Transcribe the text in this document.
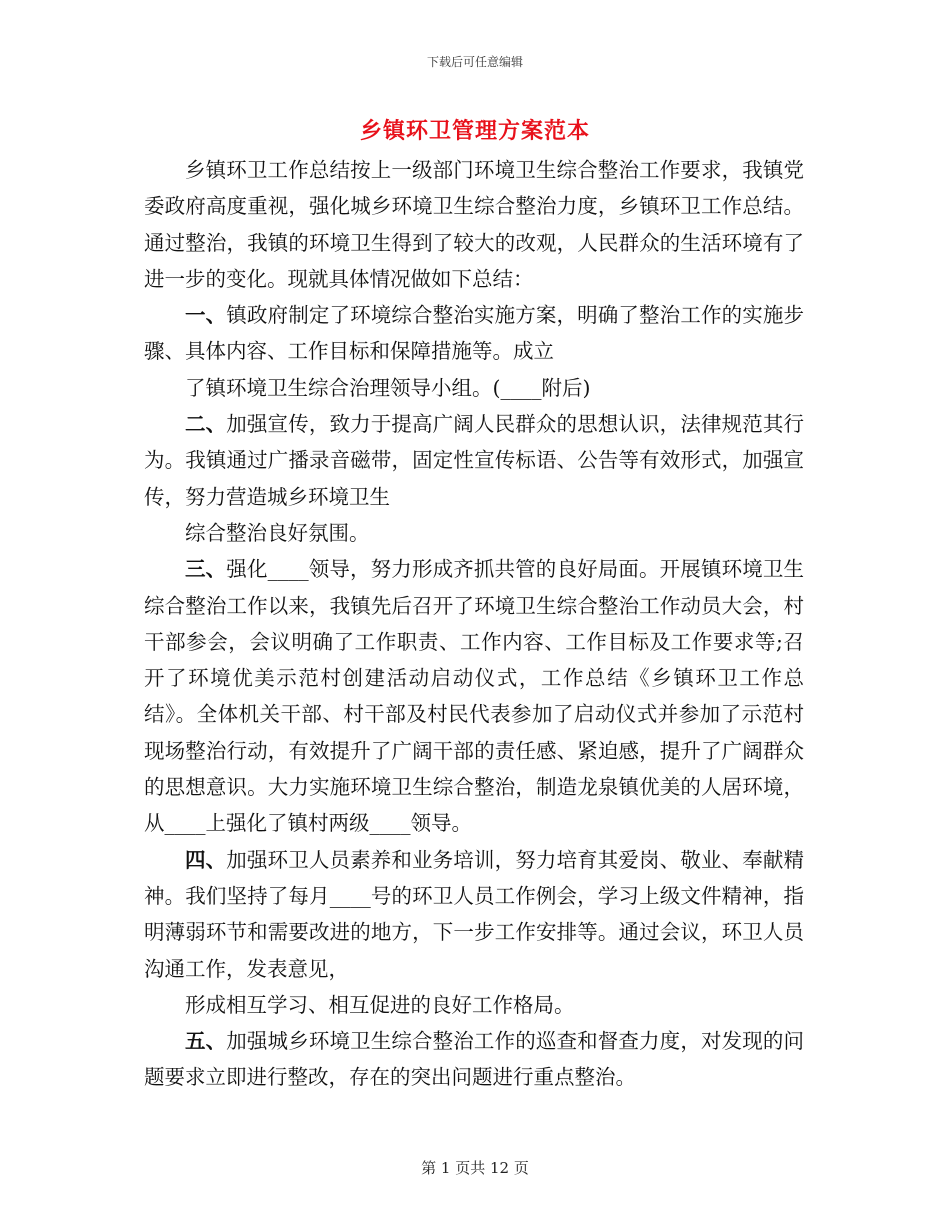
下载后可任意编辑
乡镇环卫管理方案范本

乡镇环卫工作总结按上一级部门环境卫生综合整治工作要求，我镇党委政府高度重视，强化城乡环境卫生综合整治力度，乡镇环卫工作总结。通过整治，我镇的环境卫生得到了较大的改观，人民群众的生活环境有了进一步的变化。现就具体情况做如下总结：

一、镇政府制定了环境综合整治实施方案，明确了整治工作的实施步骤、具体内容、工作目标和保障措施等。成立

了镇环境卫生综合治理领导小组。(____附后)

二、加强宣传，致力于提高广阔人民群众的思想认识，法律规范其行为。我镇通过广播录音磁带，固定性宣传标语、公告等有效形式，加强宣传，努力营造城乡环境卫生

综合整治良好氛围。

三、强化____领导，努力形成齐抓共管的良好局面。开展镇环境卫生综合整治工作以来，我镇先后召开了环境卫生综合整治工作动员大会，村干部参会，会议明确了工作职责、工作内容、工作目标及工作要求等;召开了环境优美示范村创建活动启动仪式，工作总结《乡镇环卫工作总结》。全体机关干部、村干部及村民代表参加了启动仪式并参加了示范村现场整治行动，有效提升了广阔干部的责任感、紧迫感，提升了广阔群众的思想意识。大力实施环境卫生综合整治，制造龙泉镇优美的人居环境，从____上强化了镇村两级____领导。

四、加强环卫人员素养和业务培训，努力培育其爱岗、敬业、奉献精神。我们坚持了每月____号的环卫人员工作例会，学习上级文件精神，指明薄弱环节和需要改进的地方，下一步工作安排等。通过会议，环卫人员沟通工作，发表意见，

形成相互学习、相互促进的良好工作格局。

五、加强城乡环境卫生综合整治工作的巡查和督查力度，对发现的问题要求立即进行整改，存在的突出问题进行重点整治。

第 1 页共 12 页
